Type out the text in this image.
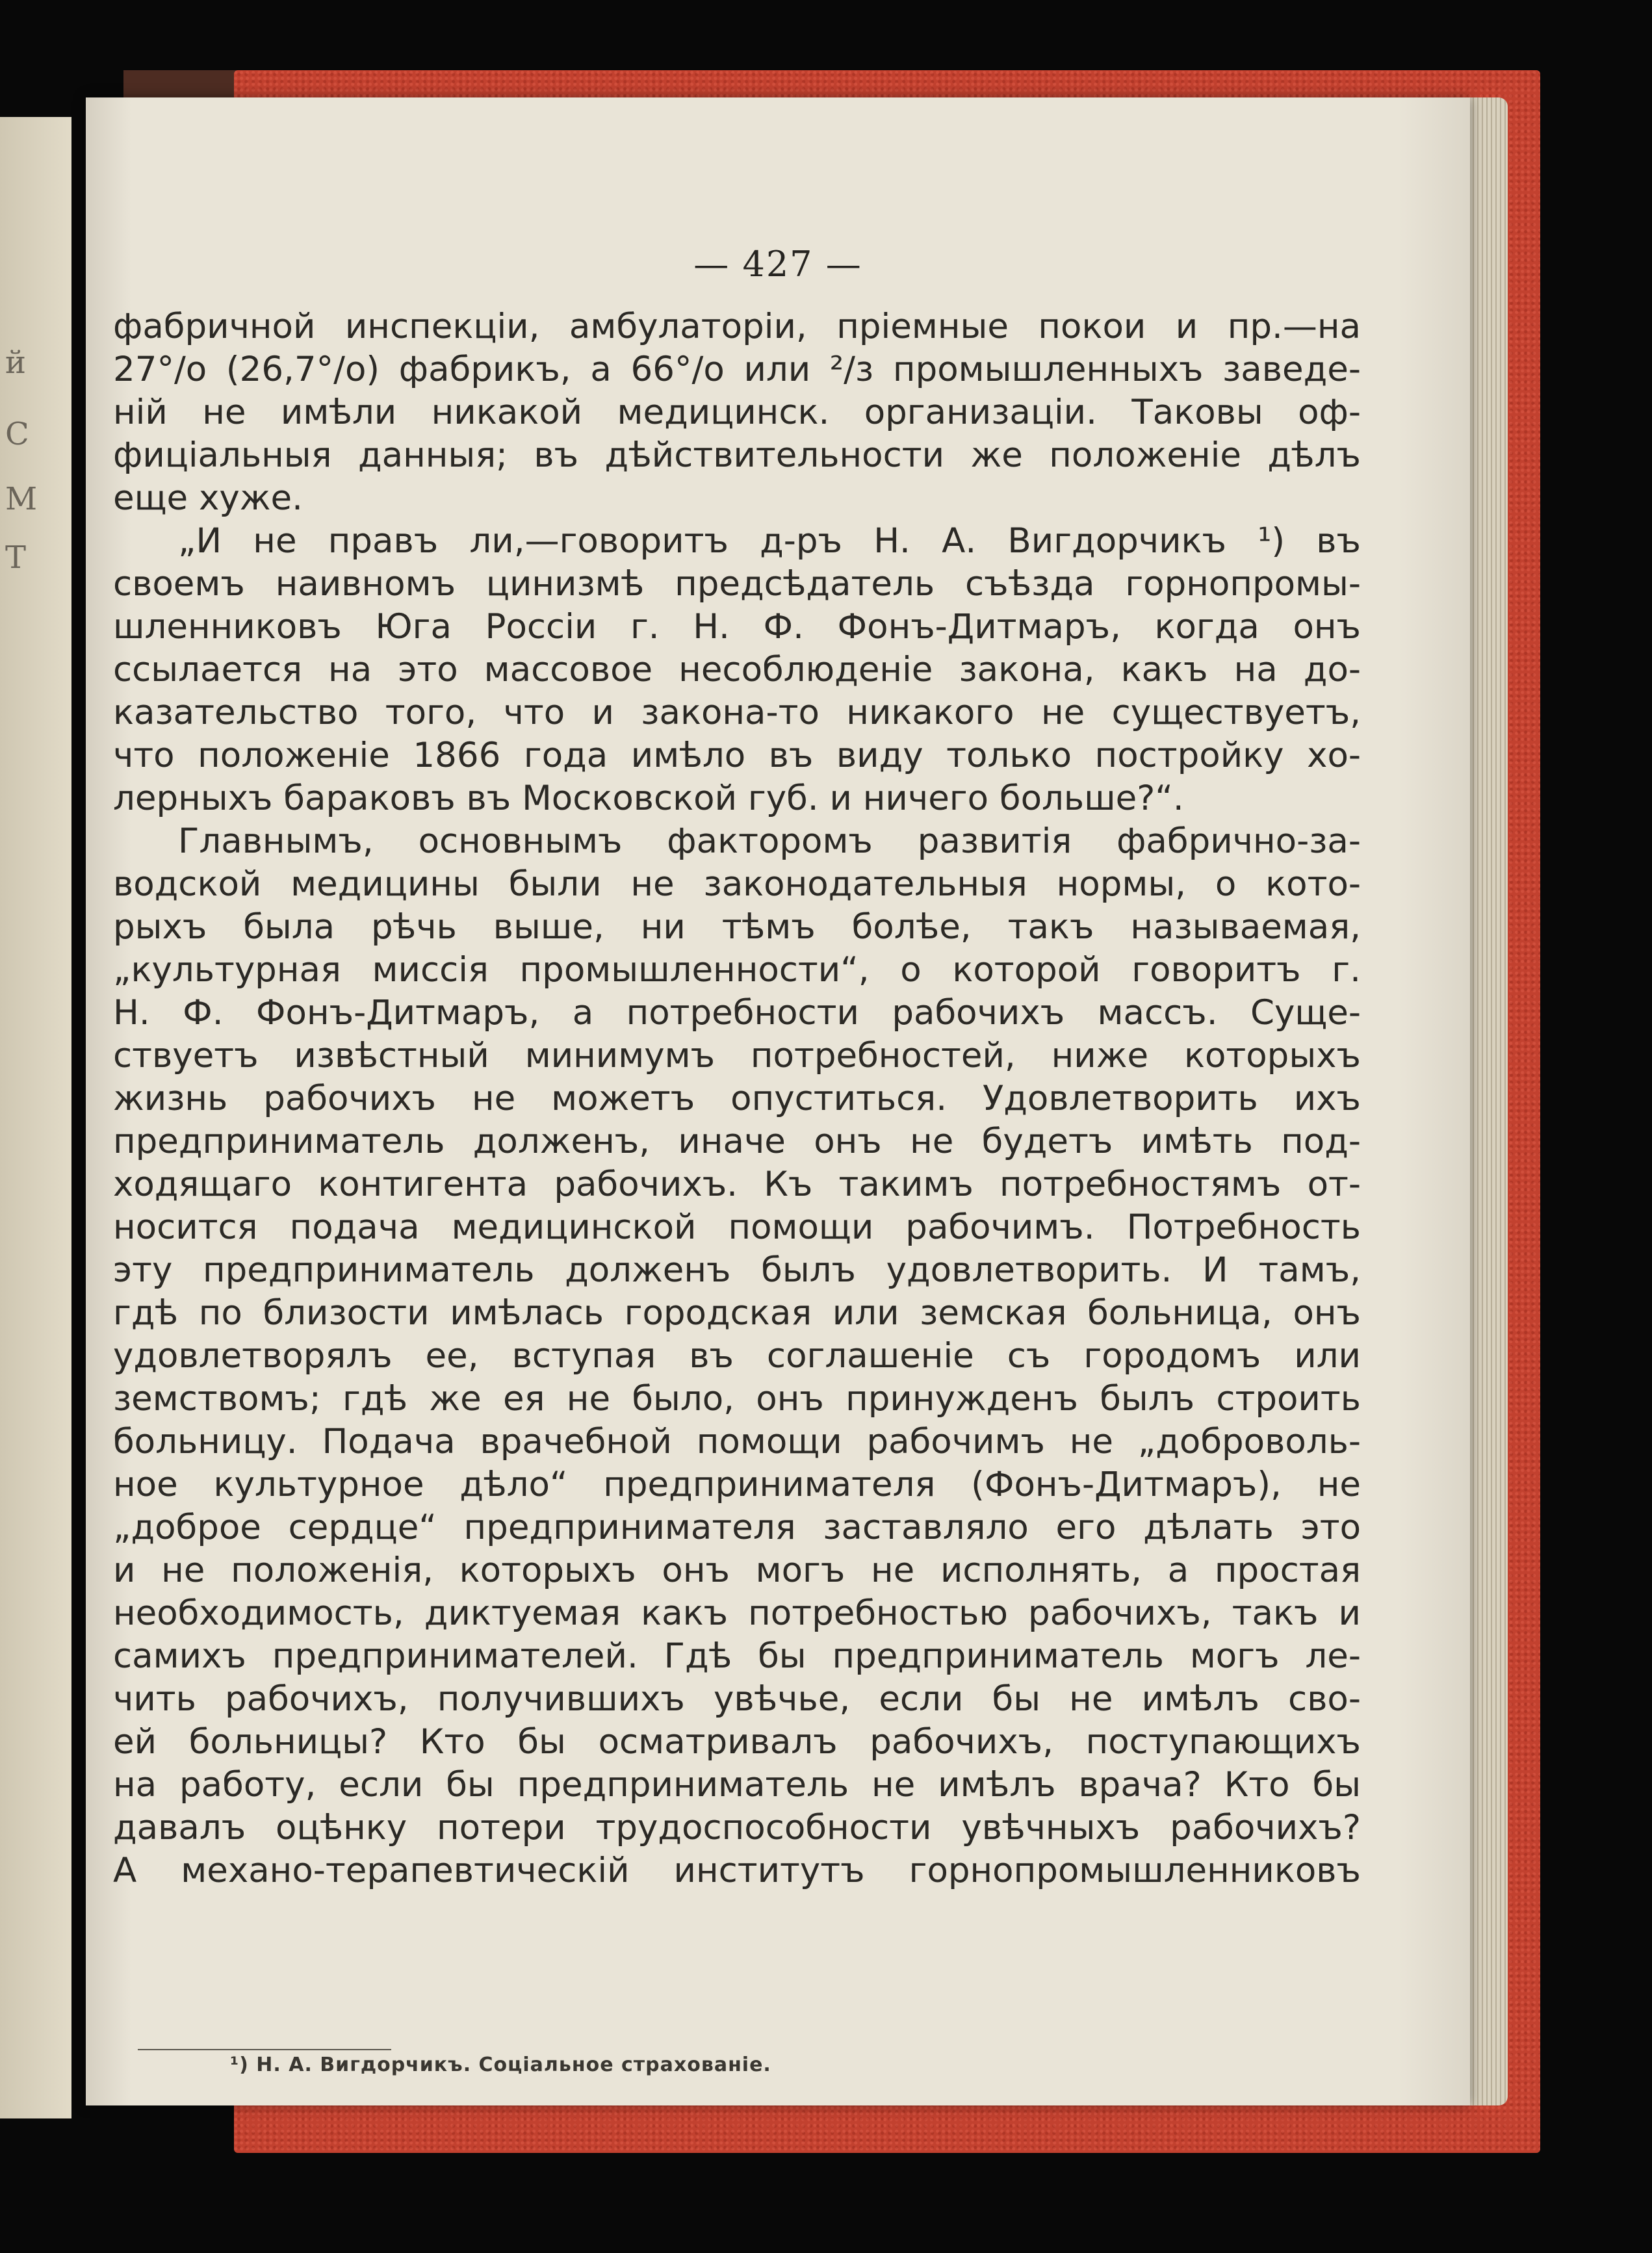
й
С
М
Т
— 427 —
фабричной инспекціи, амбулаторіи, пріемные покои и пр.—на
27°/о (26,7°/о) фабрикъ, а 66°/о или ²/з промышленныхъ заведе-
ній не имѣли никакой медицинск. организаціи. Таковы оф-
фиціальныя данныя; въ дѣйствительности же положеніе дѣлъ
еще хуже.
„И не правъ ли,—говоритъ д-ръ Н. А. Вигдорчикъ ¹) въ
своемъ наивномъ цинизмѣ предсѣдатель съѣзда горнопромы-
шленниковъ Юга Россіи г. Н. Ф. Фонъ-Дитмаръ, когда онъ
ссылается на это массовое несоблюденіе закона, какъ на до-
казательство того, что и закона-то никакого не существуетъ,
что положеніе 1866 года имѣло въ виду только постройку хо-
лерныхъ бараковъ въ Московской губ. и ничего больше?“.
Главнымъ, основнымъ факторомъ развитія фабрично-за-
водской медицины были не законодательныя нормы, о кото-
рыхъ была рѣчь выше, ни тѣмъ болѣе, такъ называемая,
„культурная миссія промышленности“, о которой говоритъ г.
Н. Ф. Фонъ-Дитмаръ, а потребности рабочихъ массъ. Суще-
ствуетъ извѣстный минимумъ потребностей, ниже которыхъ
жизнь рабочихъ не можетъ опуститься. Удовлетворить ихъ
предприниматель долженъ, иначе онъ не будетъ имѣть под-
ходящаго контигента рабочихъ. Къ такимъ потребностямъ от-
носится подача медицинской помощи рабочимъ. Потребность
эту предприниматель долженъ былъ удовлетворить. И тамъ,
гдѣ по близости имѣлась городская или земская больница, онъ
удовлетворялъ ее, вступая въ соглашеніе съ городомъ или
земствомъ; гдѣ же ея не было, онъ принужденъ былъ строить
больницу. Подача врачебной помощи рабочимъ не „доброволь-
ное культурное дѣло“ предпринимателя (Фонъ-Дитмаръ), не
„доброе сердце“ предпринимателя заставляло его дѣлать это
и не положенія, которыхъ онъ могъ не исполнять, а простая
необходимость, диктуемая какъ потребностью рабочихъ, такъ и
самихъ предпринимателей. Гдѣ бы предприниматель могъ ле-
чить рабочихъ, получившихъ увѣчье, если бы не имѣлъ сво-
ей больницы? Кто бы осматривалъ рабочихъ, поступающихъ
на работу, если бы предприниматель не имѣлъ врача? Кто бы
давалъ оцѣнку потери трудоспособности увѣчныхъ рабочихъ?
А механо-терапевтическій институтъ горнопромышленниковъ
¹) Н. А. Вигдорчикъ. Соціальное страхованіе.
